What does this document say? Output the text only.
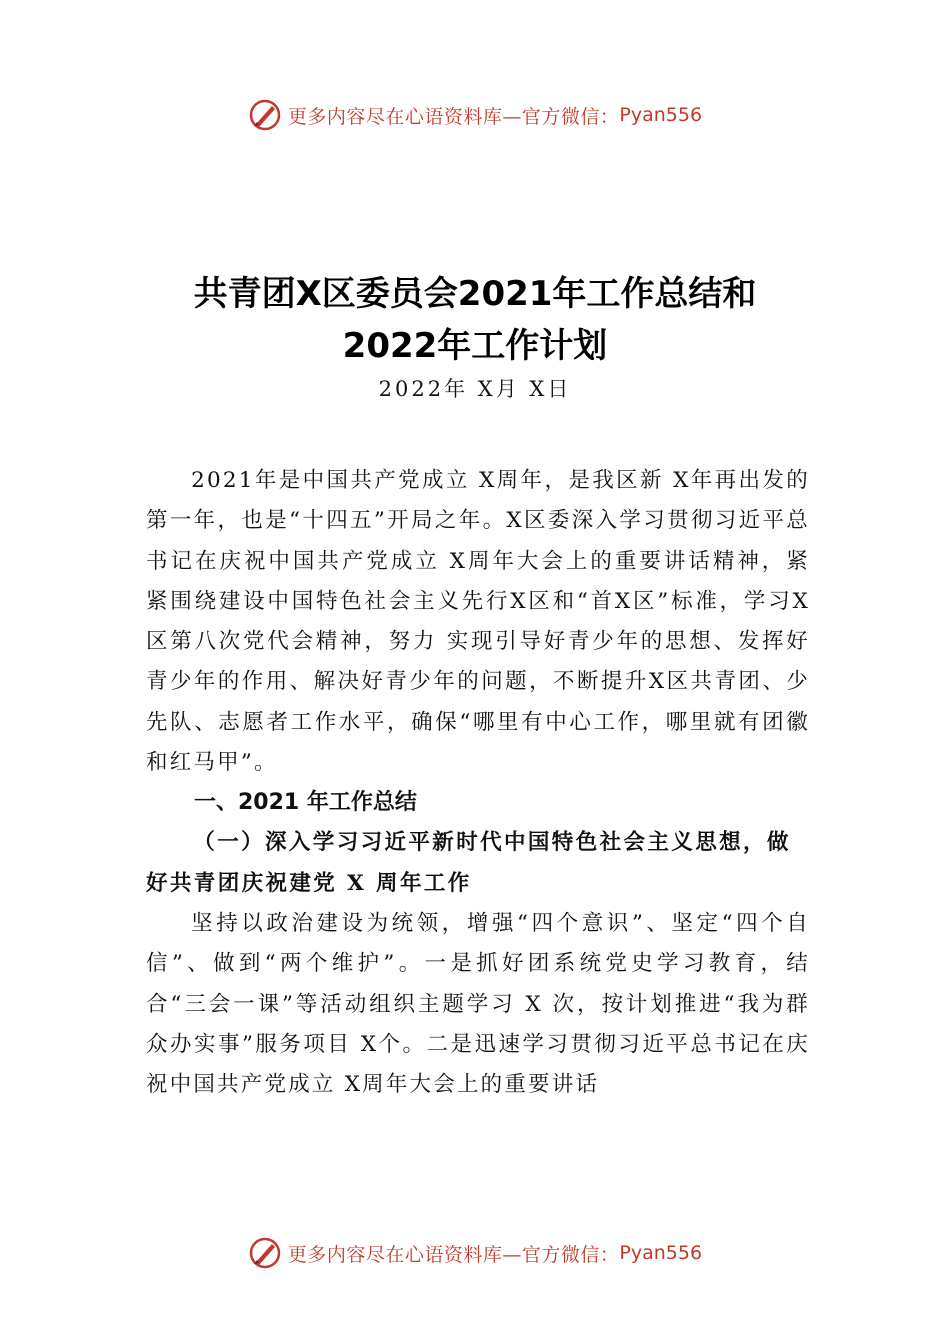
更多内容尽在心语资料库—官方微信： Pyan556
共青团X区委员会2021年工作总结和
2022年工作计划
2022年 X月 X日

2021年是中国共产党成立 X周年，是我区新 X年再出发的第一年，也是“十四五”开局之年。X区委深入学习贯彻习近平总书记在庆祝中国共产党成立 X周年大会上的重要讲话精神，紧紧围绕建设中国特色社会主义先行X区和“首X区”标准，学习X区第八次党代会精神，努力 实现引导好青少年的思想、发挥好青少年的作用、解决好青少年的问题，不断提升X区共青团、少先队、志愿者工作水平，确保“哪里有中心工作，哪里就有团徽和红马甲”。

一、2021 年工作总结

（一）深入学习习近平新时代中国特色社会主义思想，做好共青团庆祝建党 X 周年工作

坚持以政治建设为统领，增强“四个意识”、坚定“四个自信”、做到“两个维护”。一是抓好团系统党史学习教育，结合“三会一课”等活动组织主题学习 X 次，按计划推进“我为群众办实事”服务项目 X个。二是迅速学习贯彻习近平总书记在庆祝中国共产党成立 X周年大会上的重要讲话

更多内容尽在心语资料库—官方微信： Pyan556
